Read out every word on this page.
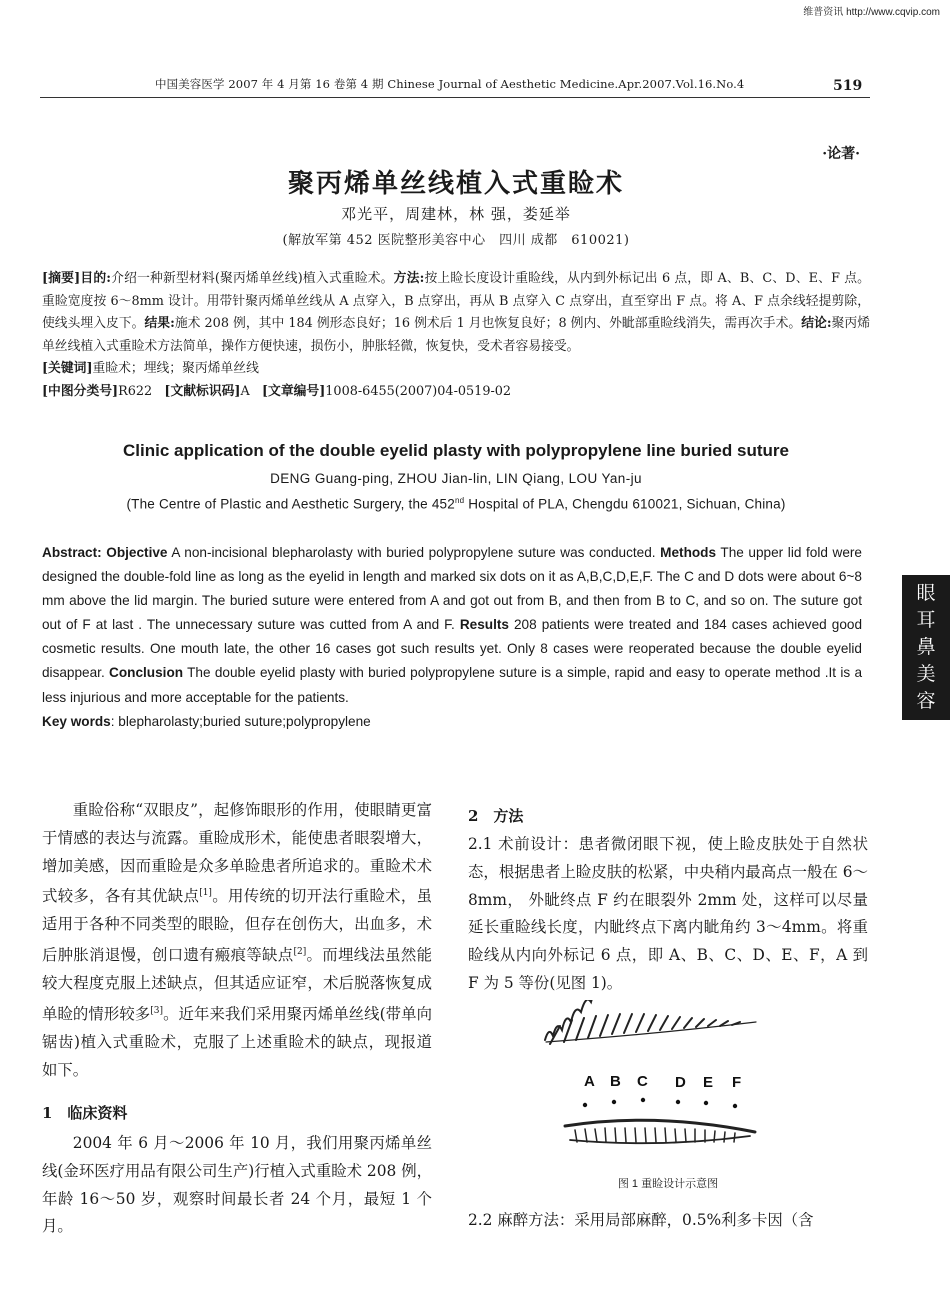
维普资讯 http://www.cqvip.com
中国美容医学 2007 年 4 月第 16 卷第 4 期 Chinese Journal of Aesthetic Medicine.Apr.2007.Vol.16.No.4	519
·论著·
聚丙烯单丝线植入式重睑术
邓光平，周建林，林 强，娄延举
(解放军第 452 医院整形美容中心　四川 成都　610021)

[摘要]目的:介绍一种新型材料(聚丙烯单丝线)植入式重睑术。方法:按上睑长度设计重睑线，从内到外标记出 6 点，即 A、B、C、D、E、F 点。重睑宽度按 6～8mm 设计。用带针聚丙烯单丝线从 A 点穿入，B 点穿出，再从 B 点穿入 C 点穿出，直至穿出 F 点。将 A、F 点余线轻提剪除，使线头埋入皮下。结果:施术 208 例，其中 184 例形态良好；16 例术后 1 月也恢复良好；8 例内、外眦部重睑线消失，需再次手术。结论:聚丙烯单丝线植入式重睑术方法简单，操作方便快速，损伤小，肿胀轻微，恢复快，受术者容易接受。

[关键词]重睑术；埋线；聚丙烯单丝线

[中图分类号]R622 [文献标识码]A [文章编号]1008-6455(2007)04-0519-02

Clinic application of the double eyelid plasty with polypropylene line buried suture
DENG Guang-ping, ZHOU Jian-lin, LIN Qiang, LOU Yan-ju
(The Centre of Plastic and Aesthetic Surgery, the 452nd Hospital of PLA, Chengdu 610021, Sichuan, China)

Abstract: Objective A non-incisional blepharolasty with buried polypropylene suture was conducted. Methods The upper lid fold were designed the double-fold line as long as the eyelid in length and marked six dots on it as A,B,C,D,E,F. The C and D dots were about 6~8 mm above the lid margin. The buried suture were entered from A and got out from B, and then from B to C, and so on. The suture got out of F at last . The unnecessary suture was cutted from A and F. Results 208 patients were treated and 184 cases achieved good cosmetic results. One mouth late, the other 16 cases got such results yet. Only 8 cases were reoperated because the double eyelid disappear. Conclusion The double eyelid plasty with buried polypropylene suture is a simple, rapid and easy to operate method .It is a less injurious and more acceptable for the patients.

Key words: blepharolasty;buried suture;polypropylene

眼
耳
鼻
美
容

重睑俗称“双眼皮”，起修饰眼形的作用，使眼睛更富于情感的表达与流露。重睑成形术，能使患者眼裂增大，增加美感，因而重睑是众多单睑患者所追求的。重睑术术式较多，各有其优缺点[1]。用传统的切开法行重睑术，虽适用于各种不同类型的眼睑，但存在创伤大，出血多，术后肿胀消退慢，创口遗有瘢痕等缺点[2]。而埋线法虽然能较大程度克服上述缺点，但其适应证窄，术后脱落恢复成单睑的情形较多[3]。近年来我们采用聚丙烯单丝线(带单向锯齿)植入式重睑术，克服了上述重睑术的缺点，现报道如下。

1　临床资料

2004 年 6 月～2006 年 10 月，我们用聚丙烯单丝线(金环医疗用品有限公司生产)行植入式重睑术 208 例，年龄 16～50 岁，观察时间最长者 24 个月，最短 1 个月。

2　方法

2.1 术前设计：患者微闭眼下视，使上睑皮肤处于自然状态，根据患者上睑皮肤的松紧，中央稍内最高点一般在 6～8mm， 外眦终点 F 约在眼裂外 2mm 处，这样可以尽量延长重睑线长度，内眦终点下离内眦角约 3～4mm。将重睑线从内向外标记 6 点，即 A、B、C、D、E、F，A 到 F 为 5 等份(见图 1)。

A B C D E F
图 1 重睑设计示意图

2.2 麻醉方法：采用局部麻醉，0.5%利多卡因（含
